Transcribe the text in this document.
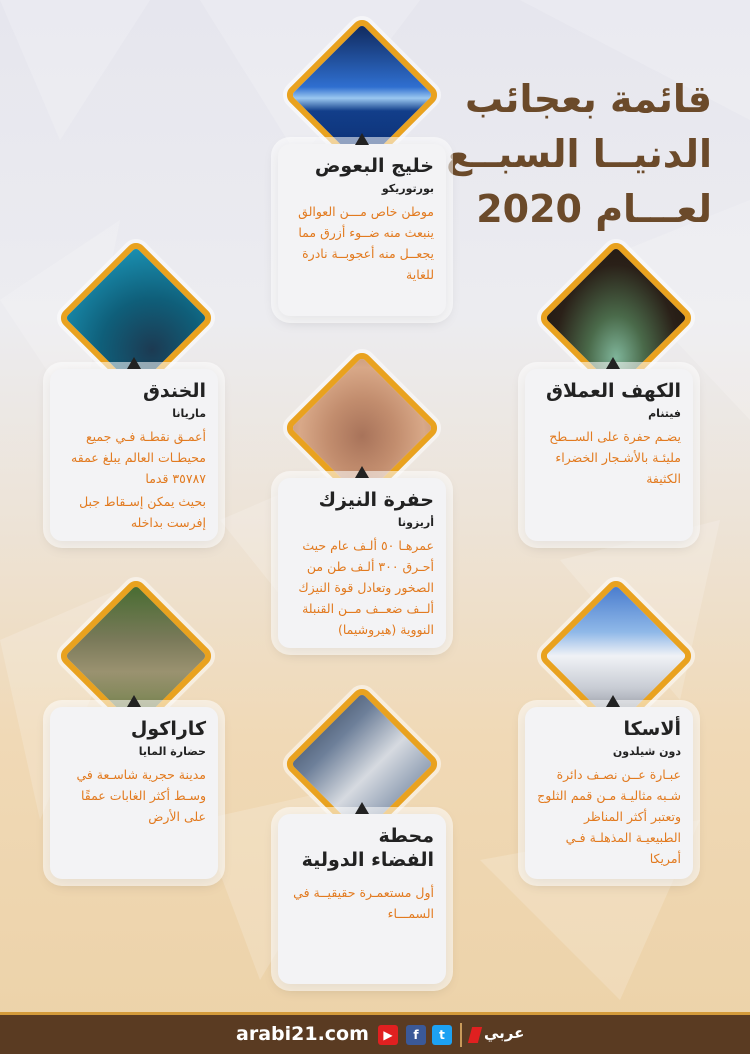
قائمة بعجائب
الدنيــا السبــع
لعـــام 2020
خليج البعوض
بورتوريكو
موطن خاص مـــن العوالق ينبعث منه ضــوء أزرق مما يجعــل منه أعجوبــة نادرة للغاية
الخندق
ماريانا
أعمـق نقطـة فـي جميع محيطـات العالم يبلغ عمقه ٣٥٧٨٧ قدما
بحيث يمكن إسـقاط جبل إفرست بداخله
الكهف العملاق
فيتنام
يضـم حفرة على الســطح مليئـة بالأشـجار الخضراء الكثيفة
حفرة النيزك
أريزونا
عمرهـا ٥٠ ألـف عام حيث أحـرق ٣٠٠ ألـف طن من الصخور وتعادل قوة النيزك ألــف ضعــف مــن القنبلة النووية (هيروشيما)
كاراكول
حضارة المايا
مدينة حجرية شاسـعة في وسـط أكثر الغابات عمقًا على الأرض
ألاسكا
دون شيلدون
عبـارة عــن نصـف دائرة شـبه مثاليـة مـن قمم الثلوج وتعتبر أكثر المناظر الطبيعيـة المذهلـة فـي أمريكا
محطة
الفضاء الدولية
أول مستعمـرة حقيقيــة في السمـــاء
arabi21.com	▶	f	t	عربي
